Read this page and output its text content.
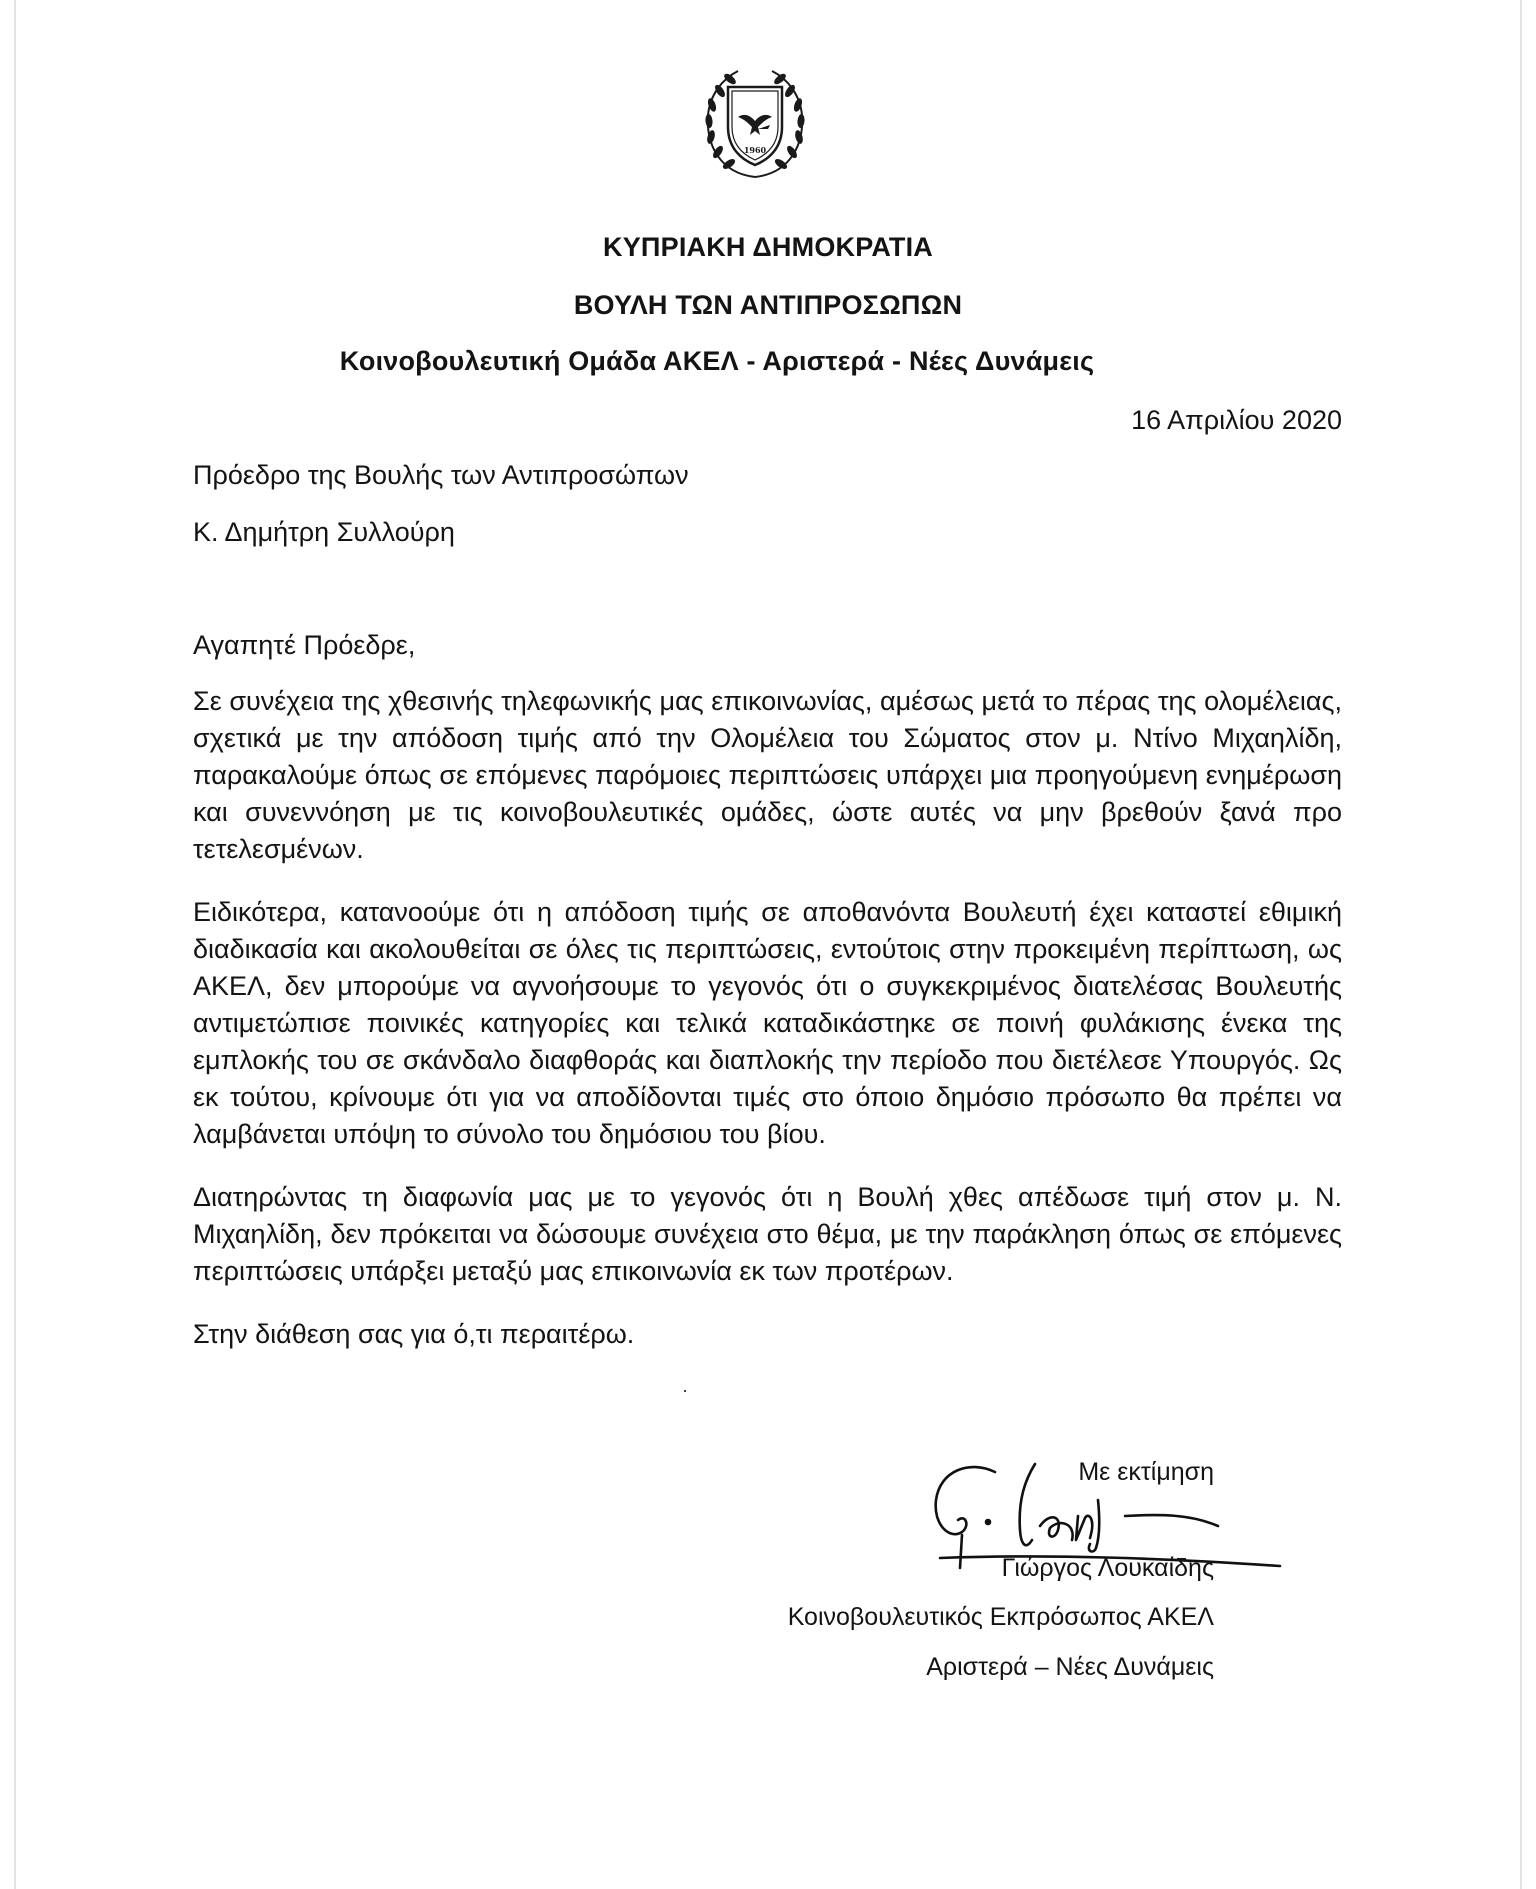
1960
ΚΥΠΡΙΑΚΗ ΔΗΜΟΚΡΑΤΙΑ
ΒΟΥΛΗ ΤΩΝ ΑΝΤΙΠΡΟΣΩΠΩΝ
Κοινοβουλευτική Ομάδα ΑΚΕΛ - Αριστερά - Νέες Δυνάμεις
16 Απριλίου 2020
Πρόεδρο της Βουλής των Αντιπροσώπων
Κ. Δημήτρη Συλλούρη
Αγαπητέ Πρόεδρε,

Σε συνέχεια της χθεσινής τηλεφωνικής μας επικοινωνίας, αμέσως μετά το πέρας της ολομέλειας, σχετικά με την απόδοση τιμής από την Ολομέλεια του Σώματος στον μ. Ντίνο Μιχαηλίδη, παρακαλούμε όπως σε επόμενες παρόμοιες περιπτώσεις υπάρχει μια προηγούμενη ενημέρωση και συνεννόηση με τις κοινοβουλευτικές ομάδες, ώστε αυτές να μην βρεθούν ξανά προ τετελεσμένων.

Ειδικότερα, κατανοούμε ότι η απόδοση τιμής σε αποθανόντα Βουλευτή έχει καταστεί εθιμική διαδικασία και ακολουθείται σε όλες τις περιπτώσεις, εντούτοις στην προκειμένη περίπτωση, ως ΑΚΕΛ, δεν μπορούμε να αγνοήσουμε το γεγονός ότι ο συγκεκριμένος διατελέσας Βουλευτής αντιμετώπισε ποινικές κατηγορίες και τελικά καταδικάστηκε σε ποινή φυλάκισης ένεκα της εμπλοκής του σε σκάνδαλο διαφθοράς και διαπλοκής την περίοδο που διετέλεσε Υπουργός. Ως εκ τούτου, κρίνουμε ότι για να αποδίδονται τιμές στο όποιο δημόσιο πρόσωπο θα πρέπει να λαμβάνεται υπόψη το σύνολο του δημόσιου του βίου.

Διατηρώντας τη διαφωνία μας με το γεγονός ότι η Βουλή χθες απέδωσε τιμή στον μ. Ν. Μιχαηλίδη, δεν πρόκειται να δώσουμε συνέχεια στο θέμα, με την παράκληση όπως σε επόμενες περιπτώσεις υπάρξει μεταξύ μας επικοινωνία εκ των προτέρων.

Στην διάθεση σας για ό,τι περαιτέρω.

Με εκτίμηση
Γιώργος Λουκαΐδης
Κοινοβουλευτικός Εκπρόσωπος ΑΚΕΛ
Αριστερά – Νέες Δυνάμεις
